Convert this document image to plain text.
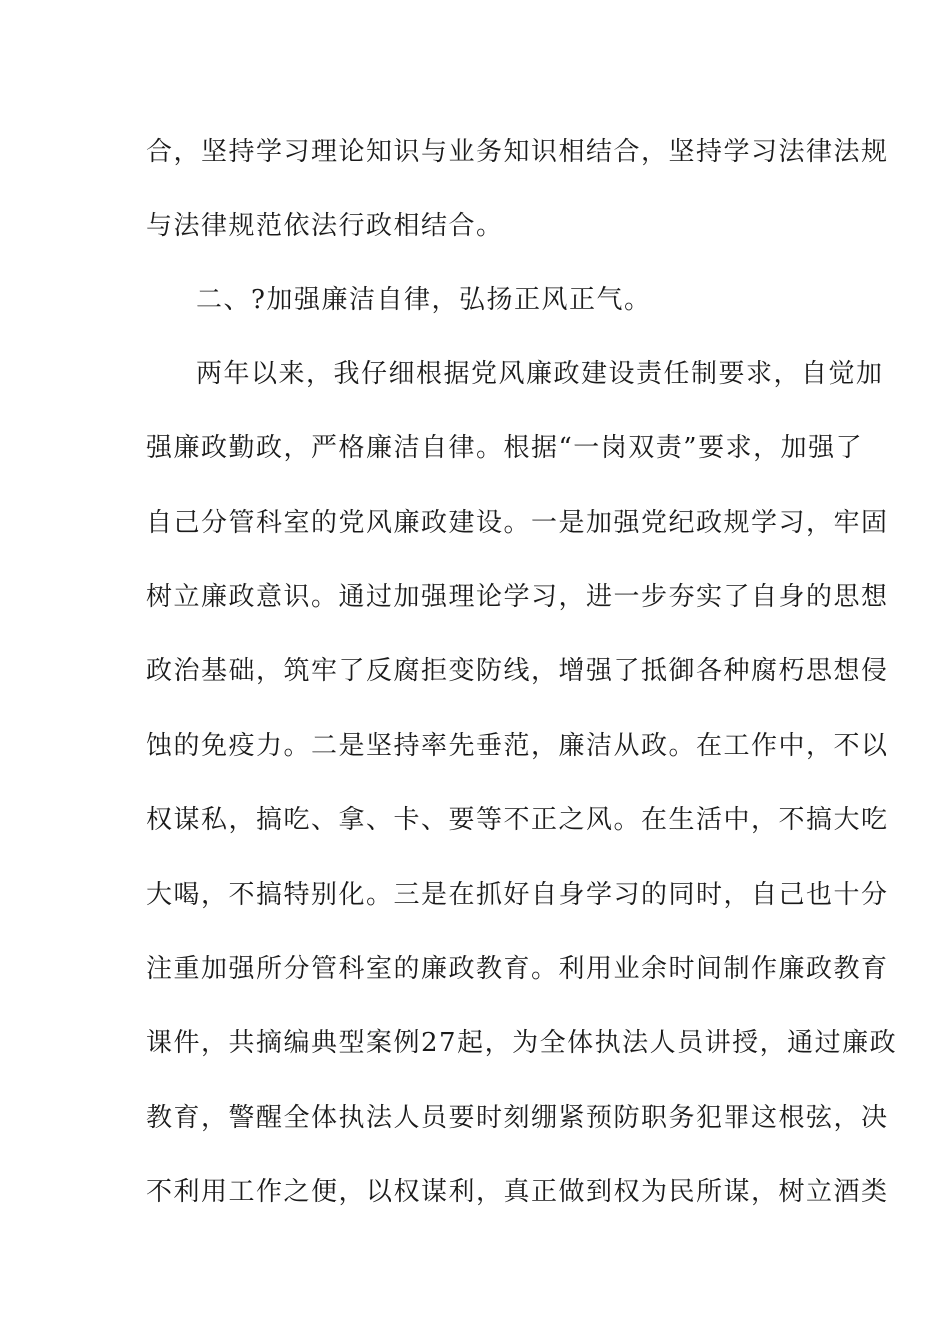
合，坚持学习理论知识与业务知识相结合，坚持学习法律法规
与法律规范依法行政相结合。
二、?加强廉洁自律，弘扬正风正气。
两年以来，我仔细根据党风廉政建设责任制要求，自觉加
强廉政勤政，严格廉洁自律。根据“一岗双责”要求，加强了
自己分管科室的党风廉政建设。一是加强党纪政规学习，牢固
树立廉政意识。通过加强理论学习，进一步夯实了自身的思想
政治基础，筑牢了反腐拒变防线，增强了抵御各种腐朽思想侵
蚀的免疫力。二是坚持率先垂范，廉洁从政。在工作中，不以
权谋私，搞吃、拿、卡、要等不正之风。在生活中，不搞大吃
大喝，不搞特别化。三是在抓好自身学习的同时，自己也十分
注重加强所分管科室的廉政教育。利用业余时间制作廉政教育
课件，共摘编典型案例27起，为全体执法人员讲授，通过廉政
教育，警醒全体执法人员要时刻绷紧预防职务犯罪这根弦，决
不利用工作之便，以权谋利，真正做到权为民所谋，树立酒类
